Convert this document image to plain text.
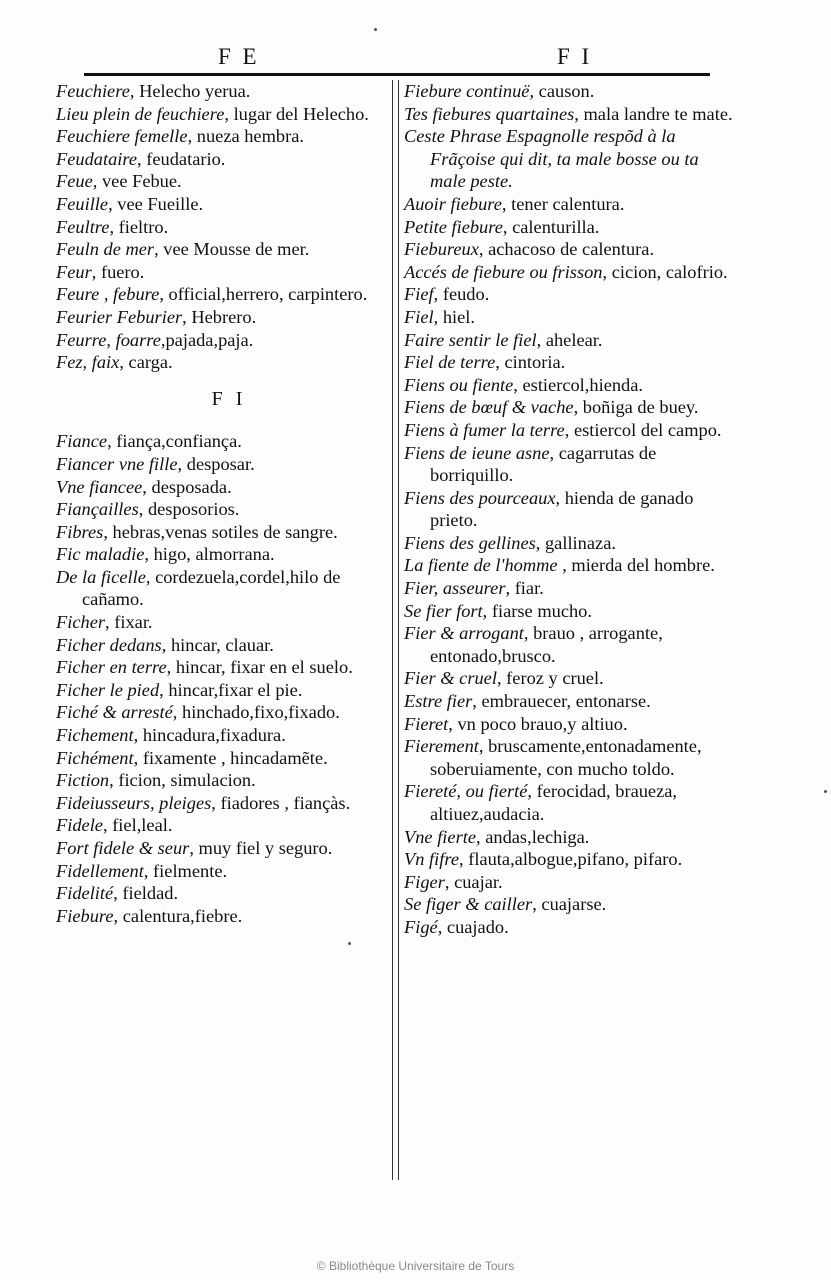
F E	F I

Feuchiere, Helecho yerua.

Lieu plein de feuchiere, lugar del Helecho.

Feuchiere femelle, nueza hembra.

Feudataire, feudatario.

Feue, vee Febue.

Feuille, vee Fueille.

Feultre, fieltro.

Feuln de mer, vee Mousse de mer.

Feur, fuero.

Feure , febure, official,herrero, carpintero.

Feurier Feburier, Hebrero.

Feurre, foarre,pajada,paja.

Fez, faix, carga.

F I

Fiance, fiança,confiança.

Fiancer vne fille, desposar.

Vne fiancee, desposada.

Fiançailles, desposorios.

Fibres, hebras,venas sotiles de sangre.

Fic maladie, higo, almorrana.

De la ficelle, cordezuela,cordel,hilo de cañamo.

Ficher, fixar.

Ficher dedans, hincar, clauar.

Ficher en terre, hincar, fixar en el suelo.

Ficher le pied, hincar,fixar el pie.

Fiché & arresté, hinchado,fixo,fixado.

Fichement, hincadura,fixadura.

Fichément, fixamente , hincadamẽte.

Fiction, ficion, simulacion.

Fideiusseurs, pleiges, fiadores , fiançàs.

Fidele, fiel,leal.

Fort fidele & seur, muy fiel y seguro.

Fidellement, fielmente.

Fidelité, fieldad.

Fiebure, calentura,fiebre.

Fiebure continuë, causon.

Tes fiebures quartaines, mala landre te mate.

Ceste Phrase Espagnolle respõd à la Frãçoise qui dit, ta male bosse ou ta male peste.

Auoir fiebure, tener calentura.

Petite fiebure, calenturilla.

Fiebureux, achacoso de calentura.

Accés de fiebure ou frisson, cicion, calofrio.

Fief, feudo.

Fiel, hiel.

Faire sentir le fiel, ahelear.

Fiel de terre, cintoria.

Fiens ou fiente, estiercol,hienda.

Fiens de bœuf & vache, boñiga de buey.

Fiens à fumer la terre, estiercol del campo.

Fiens de ieune asne, cagarrutas de borriquillo.

Fiens des pourceaux, hienda de ganado prieto.

Fiens des gellines, gallinaza.

La fiente de l'homme , mierda del hombre.

Fier, asseurer, fiar.

Se fier fort, fiarse mucho.

Fier & arrogant, brauo , arrogante, entonado,brusco.

Fier & cruel, feroz y cruel.

Estre fier, embrauecer, entonarse.

Fieret, vn poco brauo,y altiuo.

Fierement, bruscamente,entonadamente, soberuiamente, con mucho toldo.

Fiereté, ou fierté, ferocidad, braueza, altiuez,audacia.

Vne fierte, andas,lechiga.

Vn fifre, flauta,albogue,pifano, pifaro.

Figer, cuajar.

Se figer & cailler, cuajarse.

Figé, cuajado.

© Bibliothèque Universitaire de Tours
